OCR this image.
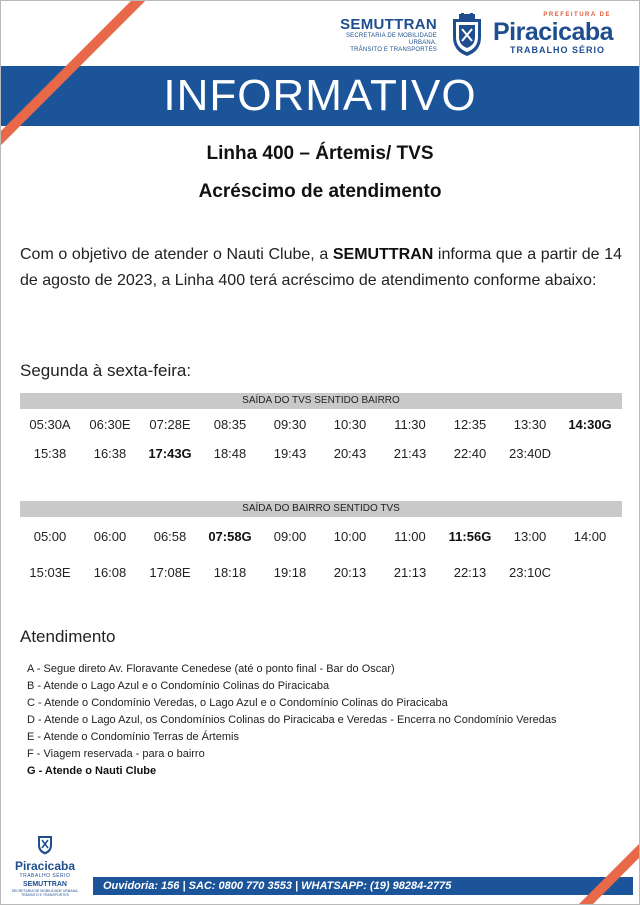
SEMUTTRAN
SECRETARIA DE MOBILIDADE URBANA,
TRÂNSITO E TRANSPORTES
PREFEITURA DE
Piracicaba
TRABALHO SÉRIO
INFORMATIVO
Linha 400 – Ártemis/ TVS
Acréscimo de atendimento
Com o objetivo de atender o Nauti Clube, a SEMUTTRAN informa que a partir de 14 de agosto de 2023, a Linha 400 terá acréscimo de atendimento conforme abaixo:
Segunda à sexta-feira:
SAÍDA DO TVS SENTIDO BAIRRO
05:30A	06:30E	07:28E	08:35	09:30	10:30	11:30	12:35	13:30	14:30G
15:38	16:38	17:43G	18:48	19:43	20:43	21:43	22:40	23:40D
SAÍDA DO BAIRRO SENTIDO TVS
05:00	06:00	06:58	07:58G	09:00	10:00	11:00	11:56G	13:00	14:00
15:03E	16:08	17:08E	18:18	19:18	20:13	21:13	22:13	23:10C
Atendimento
A - Segue direto Av. Floravante Cenedese (até o ponto final - Bar do Oscar)
B - Atende o Lago Azul e o Condomínio Colinas do Piracicaba
C - Atende o Condomínio Veredas, o Lago Azul e o Condomínio Colinas do Piracicaba
D - Atende o Lago Azul, os Condomínios Colinas do Piracicaba e Veredas - Encerra no Condomínio Veredas
E - Atende o Condomínio Terras de Ártemis
F - Viagem reservada - para o bairro
G - Atende o Nauti Clube
Piracicaba
TRABALHO SÉRIO
SEMUTTRAN
SECRETARIA DE MOBILIDADE URBANA, TRÂNSITO E TRANSPORTES
Ouvidoria: 156 | SAC: 0800 770 3553 | WHATSAPP: (19) 98284-2775
